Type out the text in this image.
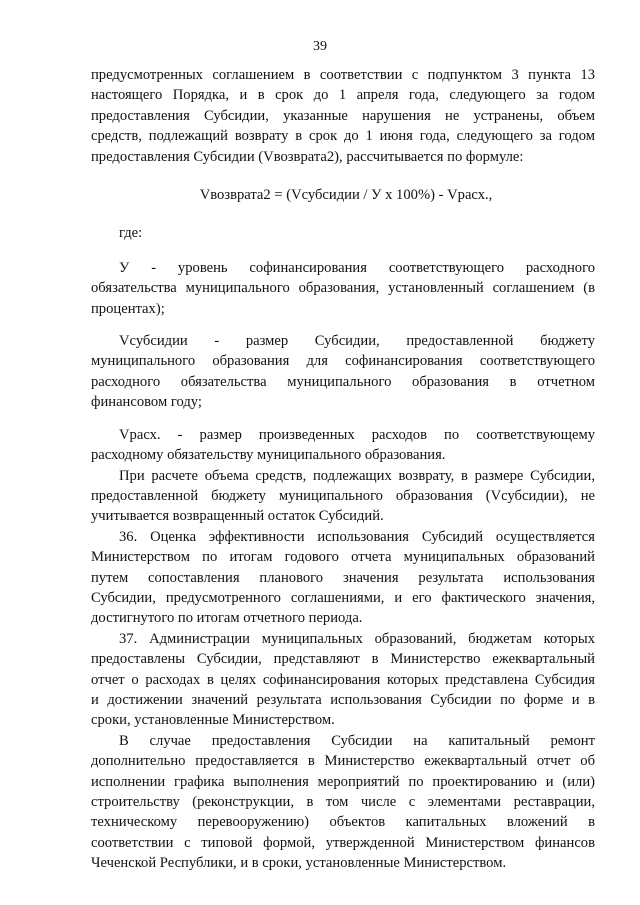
39
предусмотренных соглашением в соответствии с подпунктом 3 пункта 13
настоящего Порядка, и в срок до 1 апреля года, следующего за годом
предоставления Субсидии, указанные нарушения не устранены, объем
средств, подлежащий возврату в срок до 1 июня года, следующего за годом
предоставления Субсидии (Vвозврата2), рассчитывается по формуле:
Vвозврата2 = (Vсубсидии / У х 100%) - Vрасх.,
где:
У - уровень софинансирования соответствующего расходного
обязательства муниципального образования, установленный соглашением (в
процентах);
Vсубсидии - размер Субсидии, предоставленной бюджету
муниципального образования для софинансирования соответствующего
расходного обязательства муниципального образования в отчетном
финансовом году;
Vрасх. - размер произведенных расходов по соответствующему
расходному обязательству муниципального образования.
При расчете объема средств, подлежащих возврату, в размере Субсидии,
предоставленной бюджету муниципального образования (Vсубсидии), не
учитывается возвращенный остаток Субсидий.
36. Оценка эффективности использования Субсидий осуществляется
Министерством по итогам годового отчета муниципальных образований
путем сопоставления планового значения результата использования
Субсидии, предусмотренного соглашениями, и его фактического значения,
достигнутого по итогам отчетного периода.
37. Администрации муниципальных образований, бюджетам которых
предоставлены Субсидии, представляют в Министерство ежеквартальный
отчет о расходах в целях софинансирования которых представлена Субсидия
и достижении значений результата использования Субсидии по форме и в
сроки, установленные Министерством.
В случае предоставления Субсидии на капитальный ремонт
дополнительно предоставляется в Министерство ежеквартальный отчет об
исполнении графика выполнения мероприятий по проектированию и (или)
строительству (реконструкции, в том числе с элементами реставрации,
техническому перевооружению) объектов капитальных вложений в
соответствии с типовой формой, утвержденной Министерством финансов
Чеченской Республики, и в сроки, установленные Министерством.
